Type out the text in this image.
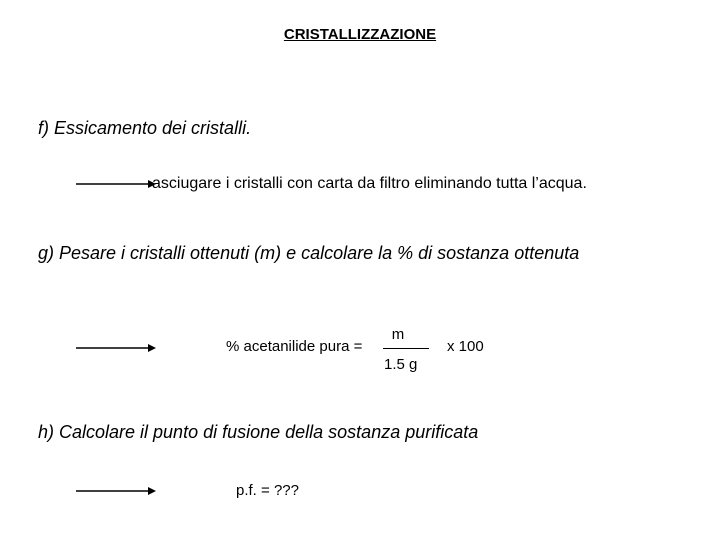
CRISTALLIZZAZIONE
f) Essicamento dei cristalli.
asciugare i cristalli con carta da filtro eliminando tutta l’acqua.
g) Pesare i cristalli ottenuti (m) e calcolare la % di sostanza ottenuta
% acetanilide pura =
m
1.5 g
x 100
h) Calcolare il punto di fusione della sostanza purificata
p.f. = ???
